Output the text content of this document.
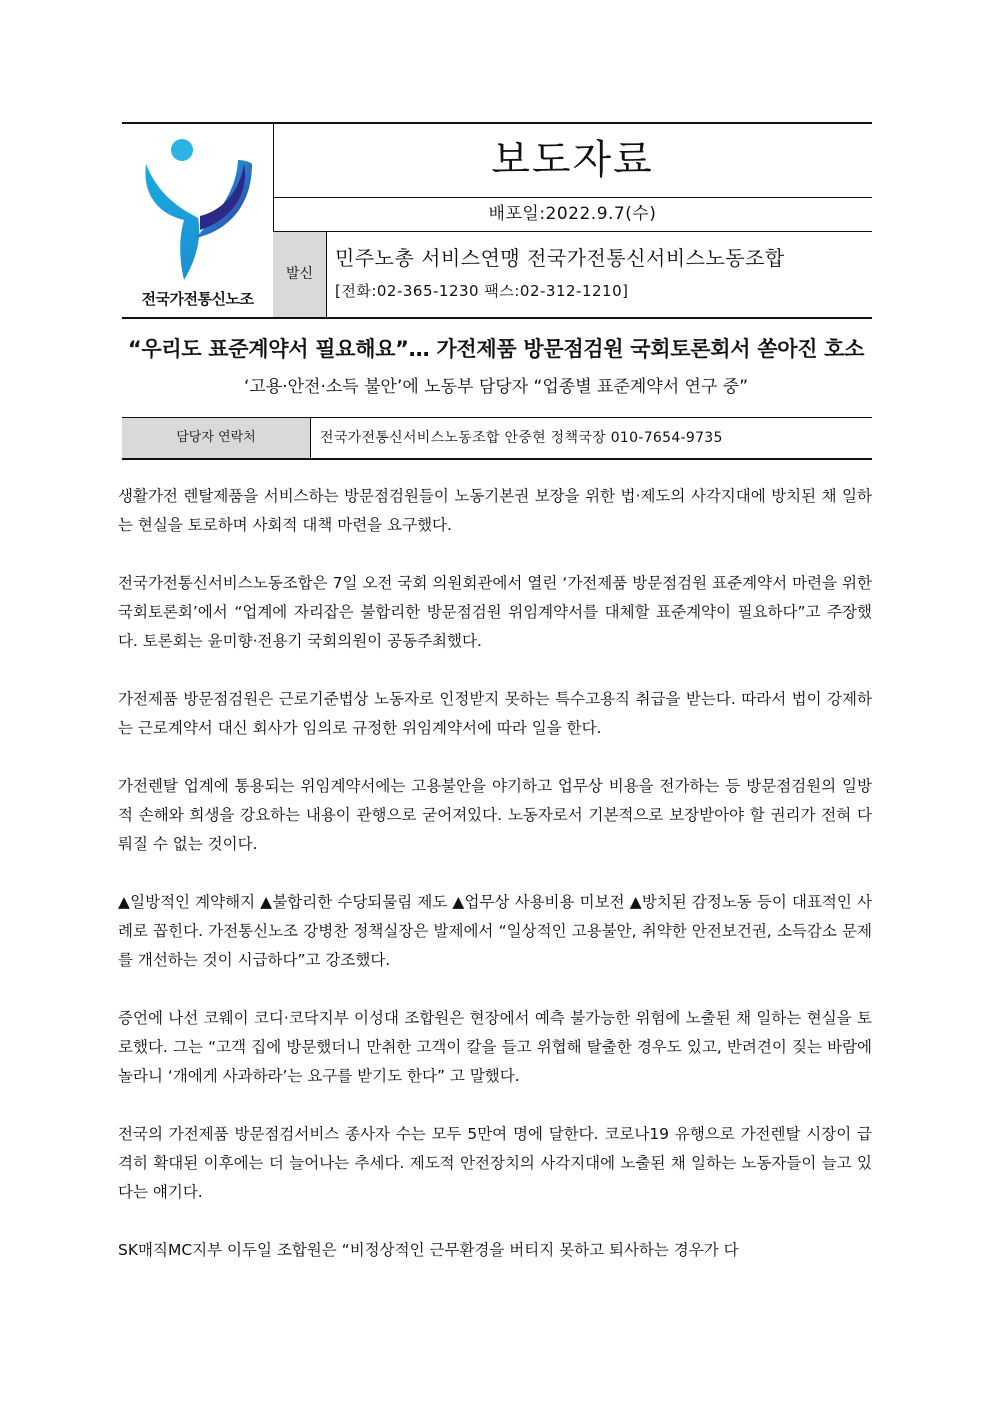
전국가전통신노조
보도자료
배포일:2022.9.7(수)
발신
민주노총 서비스연맹 전국가전통신서비스노동조합
[전화:02-365-1230 팩스:02-312-1210]
“우리도 표준계약서 필요해요”… 가전제품 방문점검원 국회토론회서 쏟아진 호소
‘고용·안전·소득 불안’에 노동부 담당자 “업종별 표준계약서 연구 중”
담당자 연락처	전국가전통신서비스노동조합 안중현 정책국장 010-7654-9735

생활가전 렌탈제품을 서비스하는 방문점검원들이 노동기본권 보장을 위한 법·제도의 사각지대에 방치된 채 일하는 현실을 토로하며 사회적 대책 마련을 요구했다.

전국가전통신서비스노동조합은 7일 오전 국회 의원회관에서 열린 ‘가전제품 방문점검원 표준계약서 마련을 위한 국회토론회’에서 “업계에 자리잡은 불합리한 방문점검원 위임계약서를 대체할 표준계약이 필요하다”고 주장했다. 토론회는 윤미향·전용기 국회의원이 공동주최했다.

가전제품 방문점검원은 근로기준법상 노동자로 인정받지 못하는 특수고용직 취급을 받는다. 따라서 법이 강제하는 근로계약서 대신 회사가 임의로 규정한 위임계약서에 따라 일을 한다.

가전렌탈 업계에 통용되는 위임계약서에는 고용불안을 야기하고 업무상 비용을 전가하는 등 방문점검원의 일방적 손해와 희생을 강요하는 내용이 관행으로 굳어져있다. 노동자로서 기본적으로 보장받아야 할 권리가 전혀 다뤄질 수 없는 것이다.

▲일방적인 계약해지 ▲불합리한 수당되물림 제도 ▲업무상 사용비용 미보전 ▲방치된 감정노동 등이 대표적인 사례로 꼽힌다. 가전통신노조 강병찬 정책실장은 발제에서 “일상적인 고용불안, 취약한 안전보건권, 소득감소 문제를 개선하는 것이 시급하다”고 강조했다.

증언에 나선 코웨이 코디·코닥지부 이성대 조합원은 현장에서 예측 불가능한 위험에 노출된 채 일하는 현실을 토로했다. 그는 “고객 집에 방문했더니 만취한 고객이 칼을 들고 위협해 탈출한 경우도 있고, 반려견이 짖는 바람에 놀라니 ‘개에게 사과하라’는 요구를 받기도 한다” 고 말했다.

전국의 가전제품 방문점검서비스 종사자 수는 모두 5만여 명에 달한다. 코로나19 유행으로 가전렌탈 시장이 급격히 확대된 이후에는 더 늘어나는 추세다. 제도적 안전장치의 사각지대에 노출된 채 일하는 노동자들이 늘고 있다는 얘기다.

SK매직MC지부 이두일 조합원은 “비정상적인 근무환경을 버티지 못하고 퇴사하는 경우가 다
